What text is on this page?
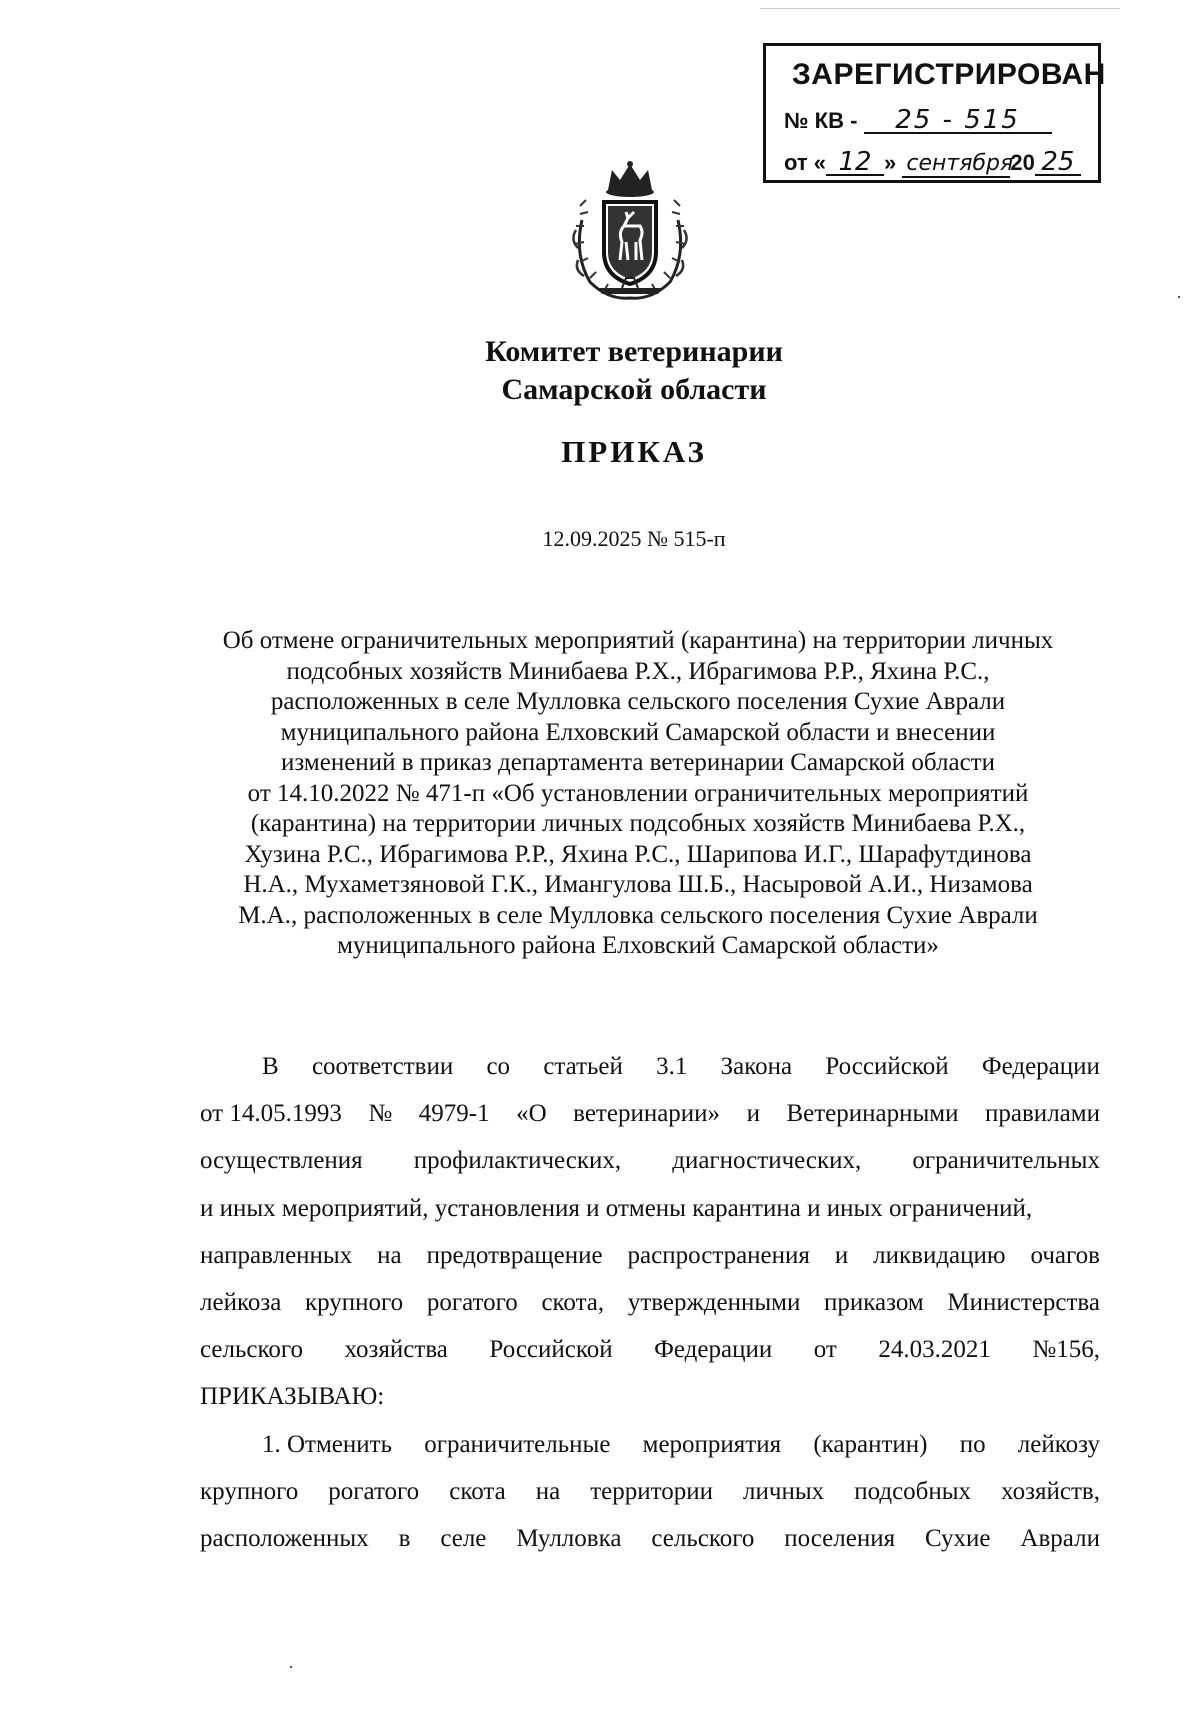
ЗАРЕГИСТРИРОВАН
№ КВ - 25 - 515
от « 12 » сентября20 25
Комитет ветеринарии
Самарской области
ПРИКАЗ
12.09.2025 № 515-п
Об отмене ограничительных мероприятий (карантина) на территории личных
подсобных хозяйств Минибаева Р.Х., Ибрагимова Р.Р., Яхина Р.С.,
расположенных в селе Мулловка сельского поселения Сухие Аврали
муниципального района Елховский Самарской области и внесении
изменений в приказ департамента ветеринарии Самарской области
от 14.10.2022 № 471-п «Об установлении ограничительных мероприятий
(карантина) на территории личных подсобных хозяйств Минибаева Р.Х.,
Хузина Р.С., Ибрагимова Р.Р., Яхина Р.С., Шарипова И.Г., Шарафутдинова
Н.А., Мухаметзяновой Г.К., Имангулова Ш.Б., Насыровой А.И., Низамова
М.А., расположенных в селе Мулловка сельского поселения Сухие Аврали
муниципального района Елховский Самарской области»
В соответствии со статьей 3.1 Закона Российской Федерации
от 14.05.1993 № 4979-1 «О ветеринарии» и Ветеринарными правилами
осуществления профилактических, диагностических, ограничительных
и иных мероприятий, установления и отмены карантина и иных ограничений,
направленных на предотвращение распространения и ликвидацию очагов
лейкоза крупного рогатого скота, утвержденными приказом Министерства
сельского хозяйства Российской Федерации от 24.03.2021 №156,
ПРИКАЗЫВАЮ:
1. Отменить ограничительные мероприятия (карантин) по лейкозу
крупного рогатого скота на территории личных подсобных хозяйств,
расположенных в селе Мулловка сельского поселения Сухие Аврали
